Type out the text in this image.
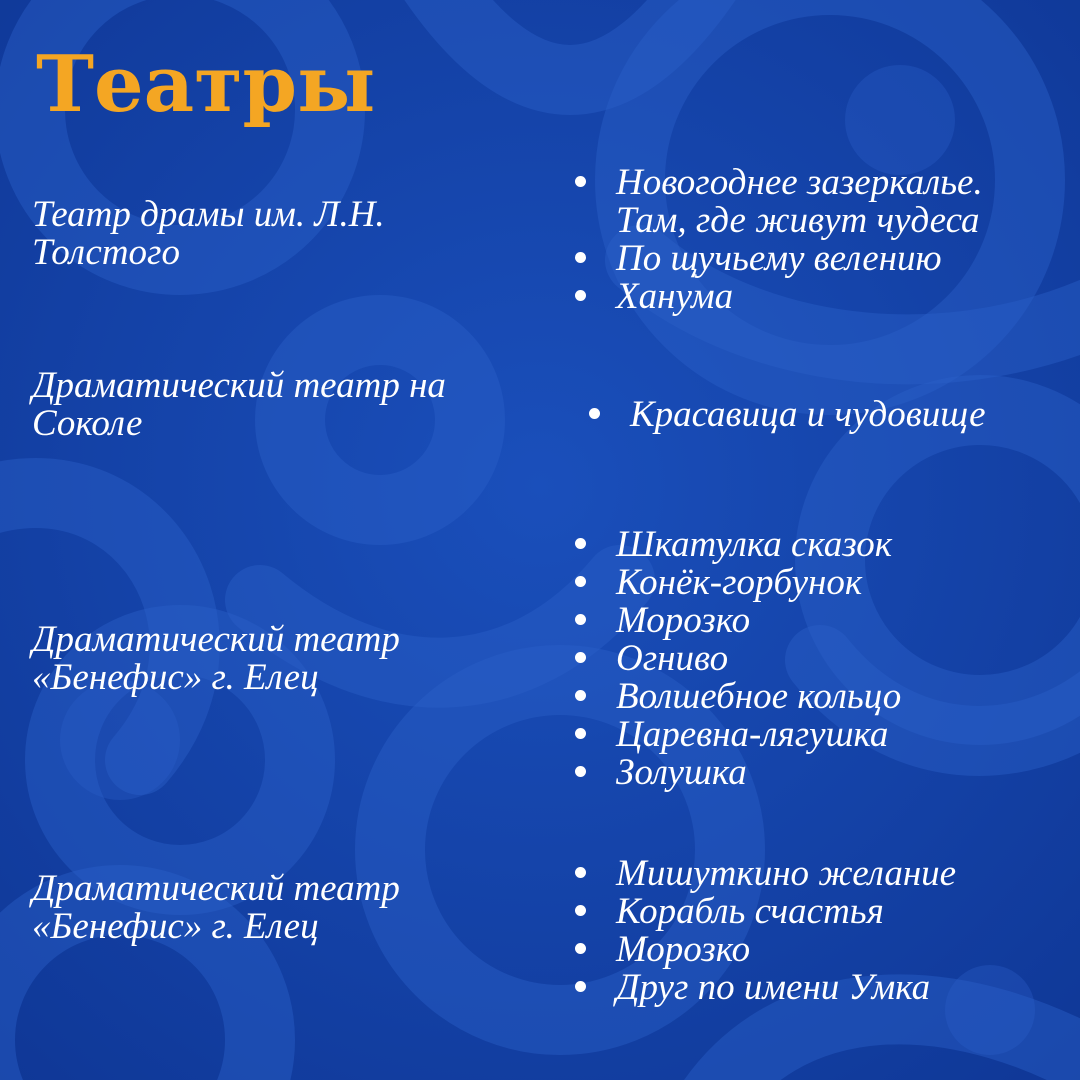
Театры

Театр драмы им. Л.Н. Толстого

Новогоднее зазеркалье.
Там, где живут чудеса
По щучьему велению
Ханума

Драматический театр на Соколе	Красавица и чудовище

Драматический театр «Бенефис» г. Елец

Шкатулка сказок
Конёк-горбунок
Морозко
Огниво
Волшебное кольцо
Царевна-лягушка
Золушка

Драматический театр «Бенефис» г. Елец

Мишуткино желание
Корабль счастья
Морозко
Друг по имени Умка
